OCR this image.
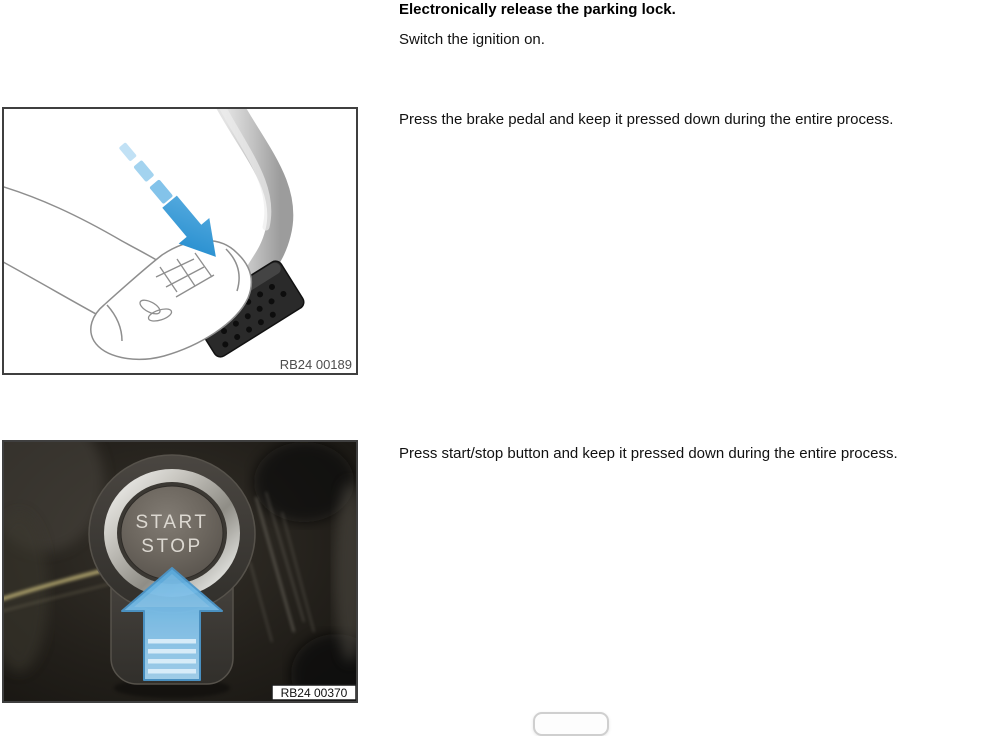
Electronically release the parking lock.
Switch the ignition on.
Press the brake pedal and keep it pressed down during the entire process.
Press start/stop button and keep it pressed down during the entire process.
RB24 00189
START
STOP
RB24 00370
